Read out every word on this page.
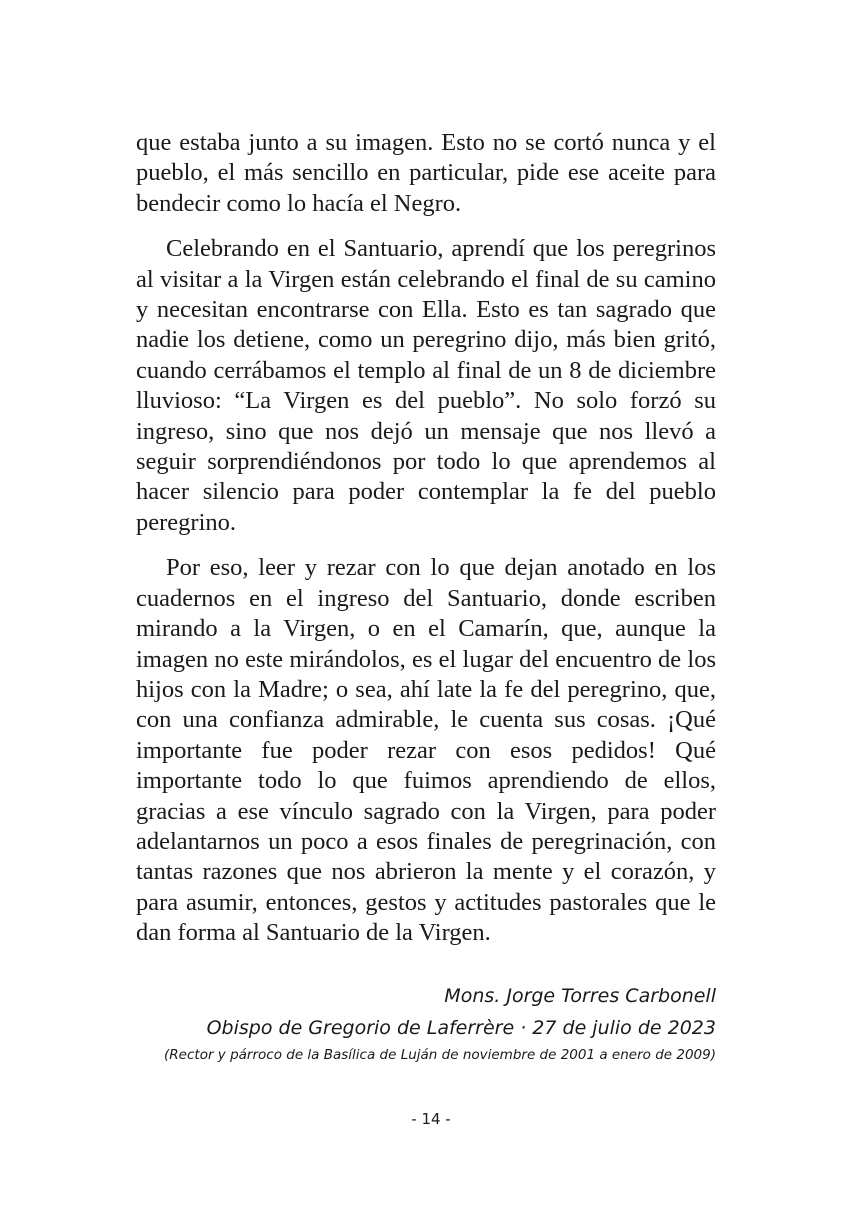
que estaba junto a su imagen. Esto no se cortó nunca y el pueblo, el más sencillo en particular, pide ese aceite para bendecir como lo hacía el Negro.

Celebrando en el Santuario, aprendí que los peregrinos al visitar a la Virgen están celebrando el final de su camino y necesitan encontrarse con Ella. Esto es tan sagrado que nadie los detiene, como un peregrino dijo, más bien gritó, cuando cerrábamos el templo al final de un 8 de diciembre lluvioso: “La Virgen es del pueblo”. No solo forzó su ingreso, sino que nos dejó un mensaje que nos llevó a seguir sorprendiéndonos por todo lo que aprendemos al hacer silencio para poder contemplar la fe del pueblo peregrino.

Por eso, leer y rezar con lo que dejan anotado en los cuadernos en el ingreso del Santuario, donde escriben mirando a la Virgen, o en el Camarín, que, aunque la imagen no este mirándolos, es el lugar del encuentro de los hijos con la Madre; o sea, ahí late la fe del peregrino, que, con una confianza admirable, le cuenta sus cosas. ¡Qué importante fue poder rezar con esos pedidos! Qué importante todo lo que fuimos aprendiendo de ellos, gracias a ese vínculo sagrado con la Virgen, para poder adelantarnos un poco a esos finales de peregrinación, con tantas razones que nos abrieron la mente y el corazón, y para asumir, entonces, gestos y actitudes pastorales que le dan forma al Santuario de la Virgen.

Mons. Jorge Torres Carbonell

Obispo de Gregorio de Laferrère · 27 de julio de 2023

(Rector y párroco de la Basílica de Luján de noviembre de 2001 a enero de 2009)

- 14 -
